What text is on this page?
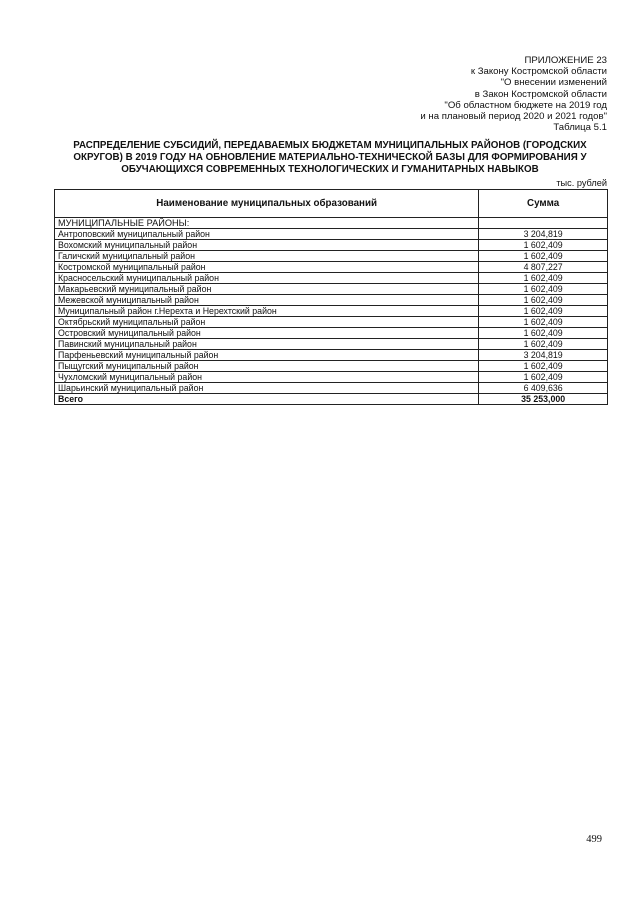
ПРИЛОЖЕНИЕ 23
к Закону Костромской области
"О внесении изменений
в Закон Костромской области
"Об областном бюджете на 2019 год
и на плановый период 2020 и 2021 годов"
Таблица 5.1
РАСПРЕДЕЛЕНИЕ СУБСИДИЙ, ПЕРЕДАВАЕМЫХ БЮДЖЕТАМ МУНИЦИПАЛЬНЫХ РАЙОНОВ (ГОРОДСКИХ
ОКРУГОВ) В 2019 ГОДУ НА ОБНОВЛЕНИЕ МАТЕРИАЛЬНО-ТЕХНИЧЕСКОЙ БАЗЫ ДЛЯ ФОРМИРОВАНИЯ У
ОБУЧАЮЩИХСЯ СОВРЕМЕННЫХ ТЕХНОЛОГИЧЕСКИХ И ГУМАНИТАРНЫХ НАВЫКОВ
тыс. рублей
Наименование муниципальных образований	Сумма
МУНИЦИПАЛЬНЫЕ РАЙОНЫ:	
Антроповский муниципальный район	3 204,819
Вохомский муниципальный район	1 602,409
Галичский муниципальный район	1 602,409
Костромской муниципальный район	4 807,227
Красносельский муниципальный район	1 602,409
Макарьевский муниципальный район	1 602,409
Межевской муниципальный район	1 602,409
Муниципальный район г.Нерехта и Нерехтский район	1 602,409
Октябрьский муниципальный район	1 602,409
Островский муниципальный район	1 602,409
Павинский муниципальный район	1 602,409
Парфеньевский муниципальный район	3 204,819
Пыщугский муниципальный район	1 602,409
Чухломский муниципальный район	1 602,409
Шарьинский муниципальный район	6 409,636
Всего	35 253,000
499
